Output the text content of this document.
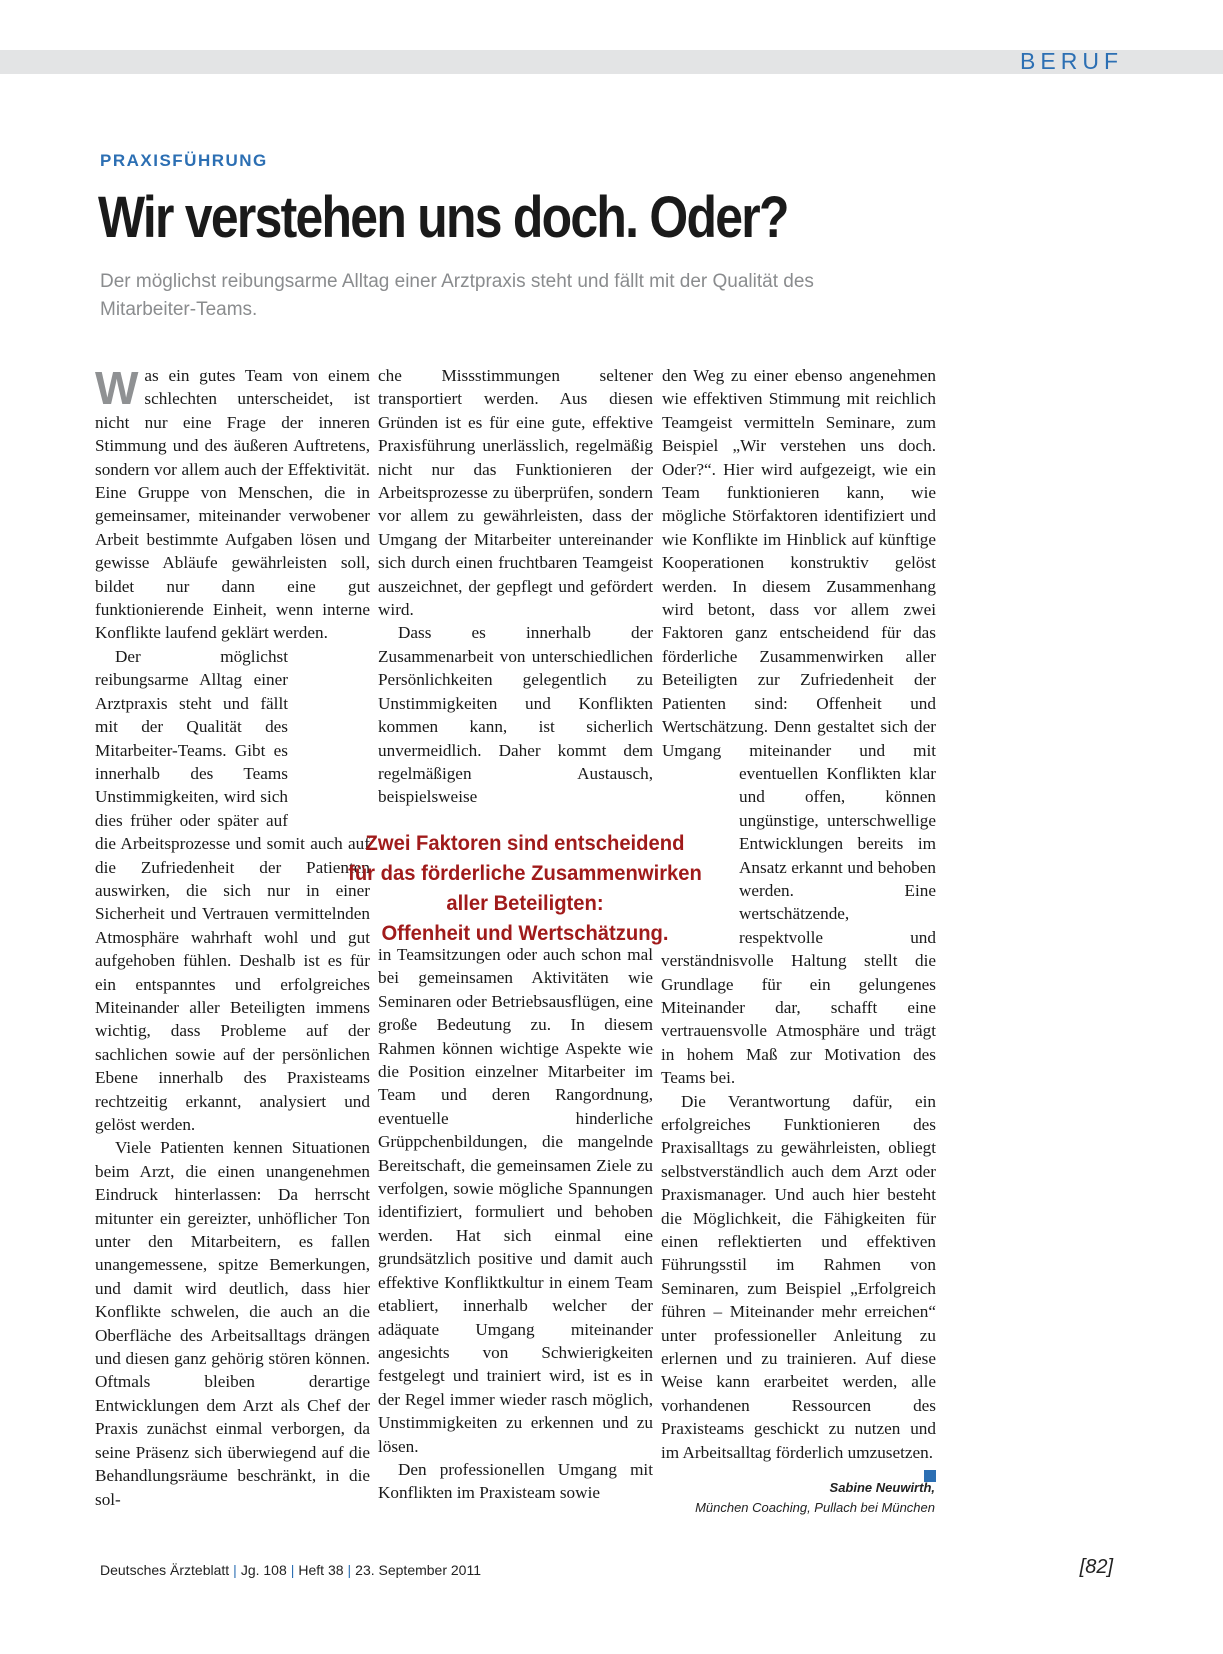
BERUF
PRAXISFÜHRUNG
Wir verstehen uns doch. Oder?

Der möglichst reibungsarme Alltag einer Arztpraxis steht und fällt mit der Qualität des Mitarbeiter-Teams.

Was ein gutes Team von einem schlechten unterscheidet, ist nicht nur eine Frage der inneren Stimmung und des äußeren Auftretens, sondern vor allem auch der Effektivität. Eine Gruppe von Menschen, die in gemeinsamer, miteinander verwobener Arbeit bestimmte Aufgaben lösen und gewisse Abläufe gewährleisten soll, bildet nur dann eine gut funktionierende Einheit, wenn interne Konflikte laufend geklärt werden.

Der möglichst reibungsarme Alltag einer Arztpraxis steht und fällt mit der Qualität des Mitarbeiter-Teams. Gibt es innerhalb des Teams Unstimmigkeiten, wird sich dies früher oder später auf die Arbeitsprozesse und somit auch auf die Zufriedenheit der Patienten auswirken, die sich nur in einer Sicherheit und Vertrauen vermittelnden Atmosphäre wahrhaft wohl und gut aufgehoben fühlen. Deshalb ist es für ein entspanntes und erfolgreiches Miteinander aller Beteiligten immens wichtig, dass Probleme auf der sachlichen sowie auf der persönlichen Ebene innerhalb des Praxisteams rechtzeitig erkannt, analysiert und gelöst werden.

Viele Patienten kennen Situationen beim Arzt, die einen unangenehmen Eindruck hinterlassen: Da herrscht mitunter ein gereizter, unhöflicher Ton unter den Mitarbeitern, es fallen unangemessene, spitze Bemerkungen, und damit wird deutlich, dass hier Konflikte schwelen, die auch an die Oberfläche des Arbeitsalltags drängen und diesen ganz gehörig stören können. Oftmals bleiben derartige Entwicklungen dem Arzt als Chef der Praxis zunächst einmal verborgen, da seine Präsenz sich überwiegend auf die Behandlungsräume beschränkt, in die sol-

che Missstimmungen seltener transportiert werden. Aus diesen Gründen ist es für eine gute, effektive Praxisführung unerlässlich, regelmäßig nicht nur das Funktionieren der Arbeitsprozesse zu überprüfen, sondern vor allem zu gewährleisten, dass der Umgang der Mitarbeiter untereinander sich durch einen fruchtbaren Teamgeist auszeichnet, der gepflegt und gefördert wird.

Dass es innerhalb der Zusammenarbeit von unterschiedlichen Persönlichkeiten gelegentlich zu Unstimmigkeiten und Konflikten kommen kann, ist sicherlich unvermeidlich. Daher kommt dem regelmäßigen Austausch, beispielsweise

Zwei Faktoren sind entscheidend
für das förderliche Zusammenwirken
aller Beteiligten:
Offenheit und Wertschätzung.

in Teamsitzungen oder auch schon mal bei gemeinsamen Aktivitäten wie Seminaren oder Betriebsausflügen, eine große Bedeutung zu. In diesem Rahmen können wichtige Aspekte wie die Position einzelner Mitarbeiter im Team und deren Rangordnung, eventuelle hinderliche Grüppchenbildungen, die mangelnde Bereitschaft, die gemeinsamen Ziele zu verfolgen, sowie mögliche Spannungen identifiziert, formuliert und behoben werden. Hat sich einmal eine grundsätzlich positive und damit auch effektive Konfliktkultur in einem Team etabliert, innerhalb welcher der adäquate Umgang miteinander angesichts von Schwierigkeiten festgelegt und trainiert wird, ist es in der Regel immer wieder rasch möglich, Unstimmigkeiten zu erkennen und zu lösen.

Den professionellen Umgang mit Konflikten im Praxisteam sowie

den Weg zu einer ebenso angenehmen wie effektiven Stimmung mit reichlich Teamgeist vermitteln Seminare, zum Beispiel „Wir verstehen uns doch. Oder?“. Hier wird aufgezeigt, wie ein Team funktionieren kann, wie mögliche Störfaktoren identifiziert und wie Konflikte im Hinblick auf künftige Kooperationen konstruktiv gelöst werden. In diesem Zusammenhang wird betont, dass vor allem zwei Faktoren ganz entscheidend für das förderliche Zusammenwirken aller Beteiligten zur Zufriedenheit der Patienten sind: Offenheit und Wertschätzung. Denn gestaltet sich der Umgang miteinander und mit eventuellen Konflikten klar und offen, können ungünstige, unterschwellige Entwicklungen bereits im Ansatz erkannt und behoben werden. Eine wertschätzende, respektvolle und verständnisvolle Haltung stellt die Grundlage für ein gelungenes Miteinander dar, schafft eine vertrauensvolle Atmosphäre und trägt in hohem Maß zur Motivation des Teams bei.

Die Verantwortung dafür, ein erfolgreiches Funktionieren des Praxisalltags zu gewährleisten, obliegt selbstverständlich auch dem Arzt oder Praxismanager. Und auch hier besteht die Möglichkeit, die Fähigkeiten für einen reflektierten und effektiven Führungsstil im Rahmen von Seminaren, zum Beispiel „Erfolgreich führen – Miteinander mehr erreichen“ unter professioneller Anleitung zu erlernen und zu trainieren. Auf diese Weise kann erarbeitet werden, alle vorhandenen Ressourcen des Praxisteams geschickt zu nutzen und im Arbeitsalltag förderlich umzusetzen.

Sabine Neuwirth,
München Coaching, Pullach bei München
Deutsches Ärzteblatt | Jg. 108 | Heft 38 | 23. September 2011	[82]
